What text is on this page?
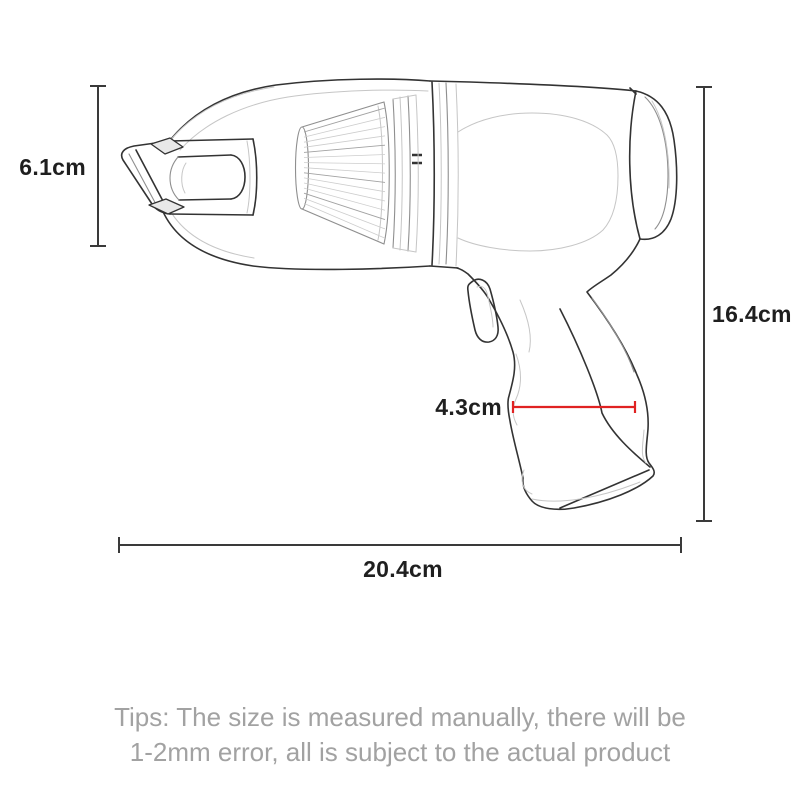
6.1cm
16.4cm
4.3cm
20.4cm
Tips: The size is measured manually, there will be
1-2mm error, all is subject to the actual product
